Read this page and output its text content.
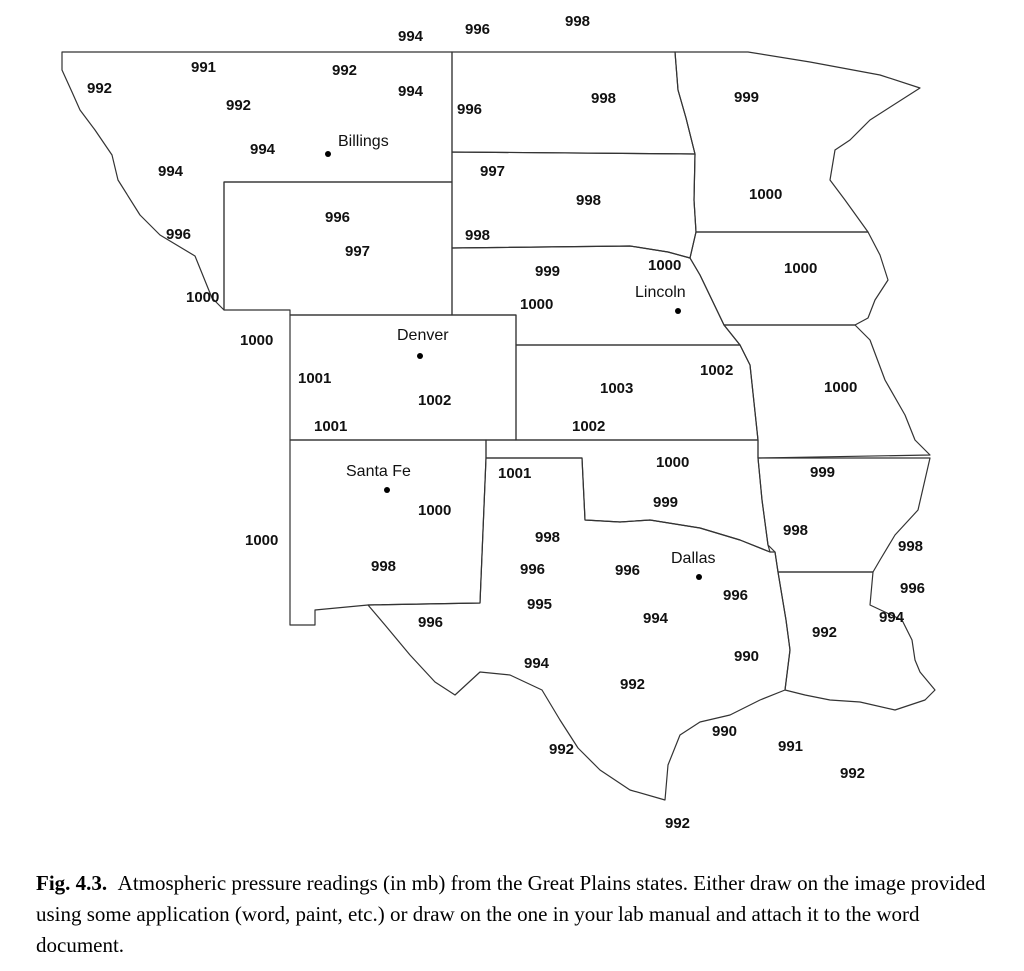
994	996	998
991
992
992
994
992
994
994
996
996
998	999
997
998	1000
996
997
998
999
1000
1000	1000
1000
1000
1001
1002
1001
1002
1003
1002
1000
1001
1000	999
1000
999
998	998
998	996
995
996
996	994
996
994
996
994
992
990
992
992
990
991
992
992
998
1000
Billings
Lincoln
Denver
Santa Fe
Dallas
Fig. 4.3. Atmospheric pressure readings (in mb) from the Great Plains states. Either draw on the image provided using some application (word, paint, etc.) or draw on the one in your lab manual and attach it to the word document.
